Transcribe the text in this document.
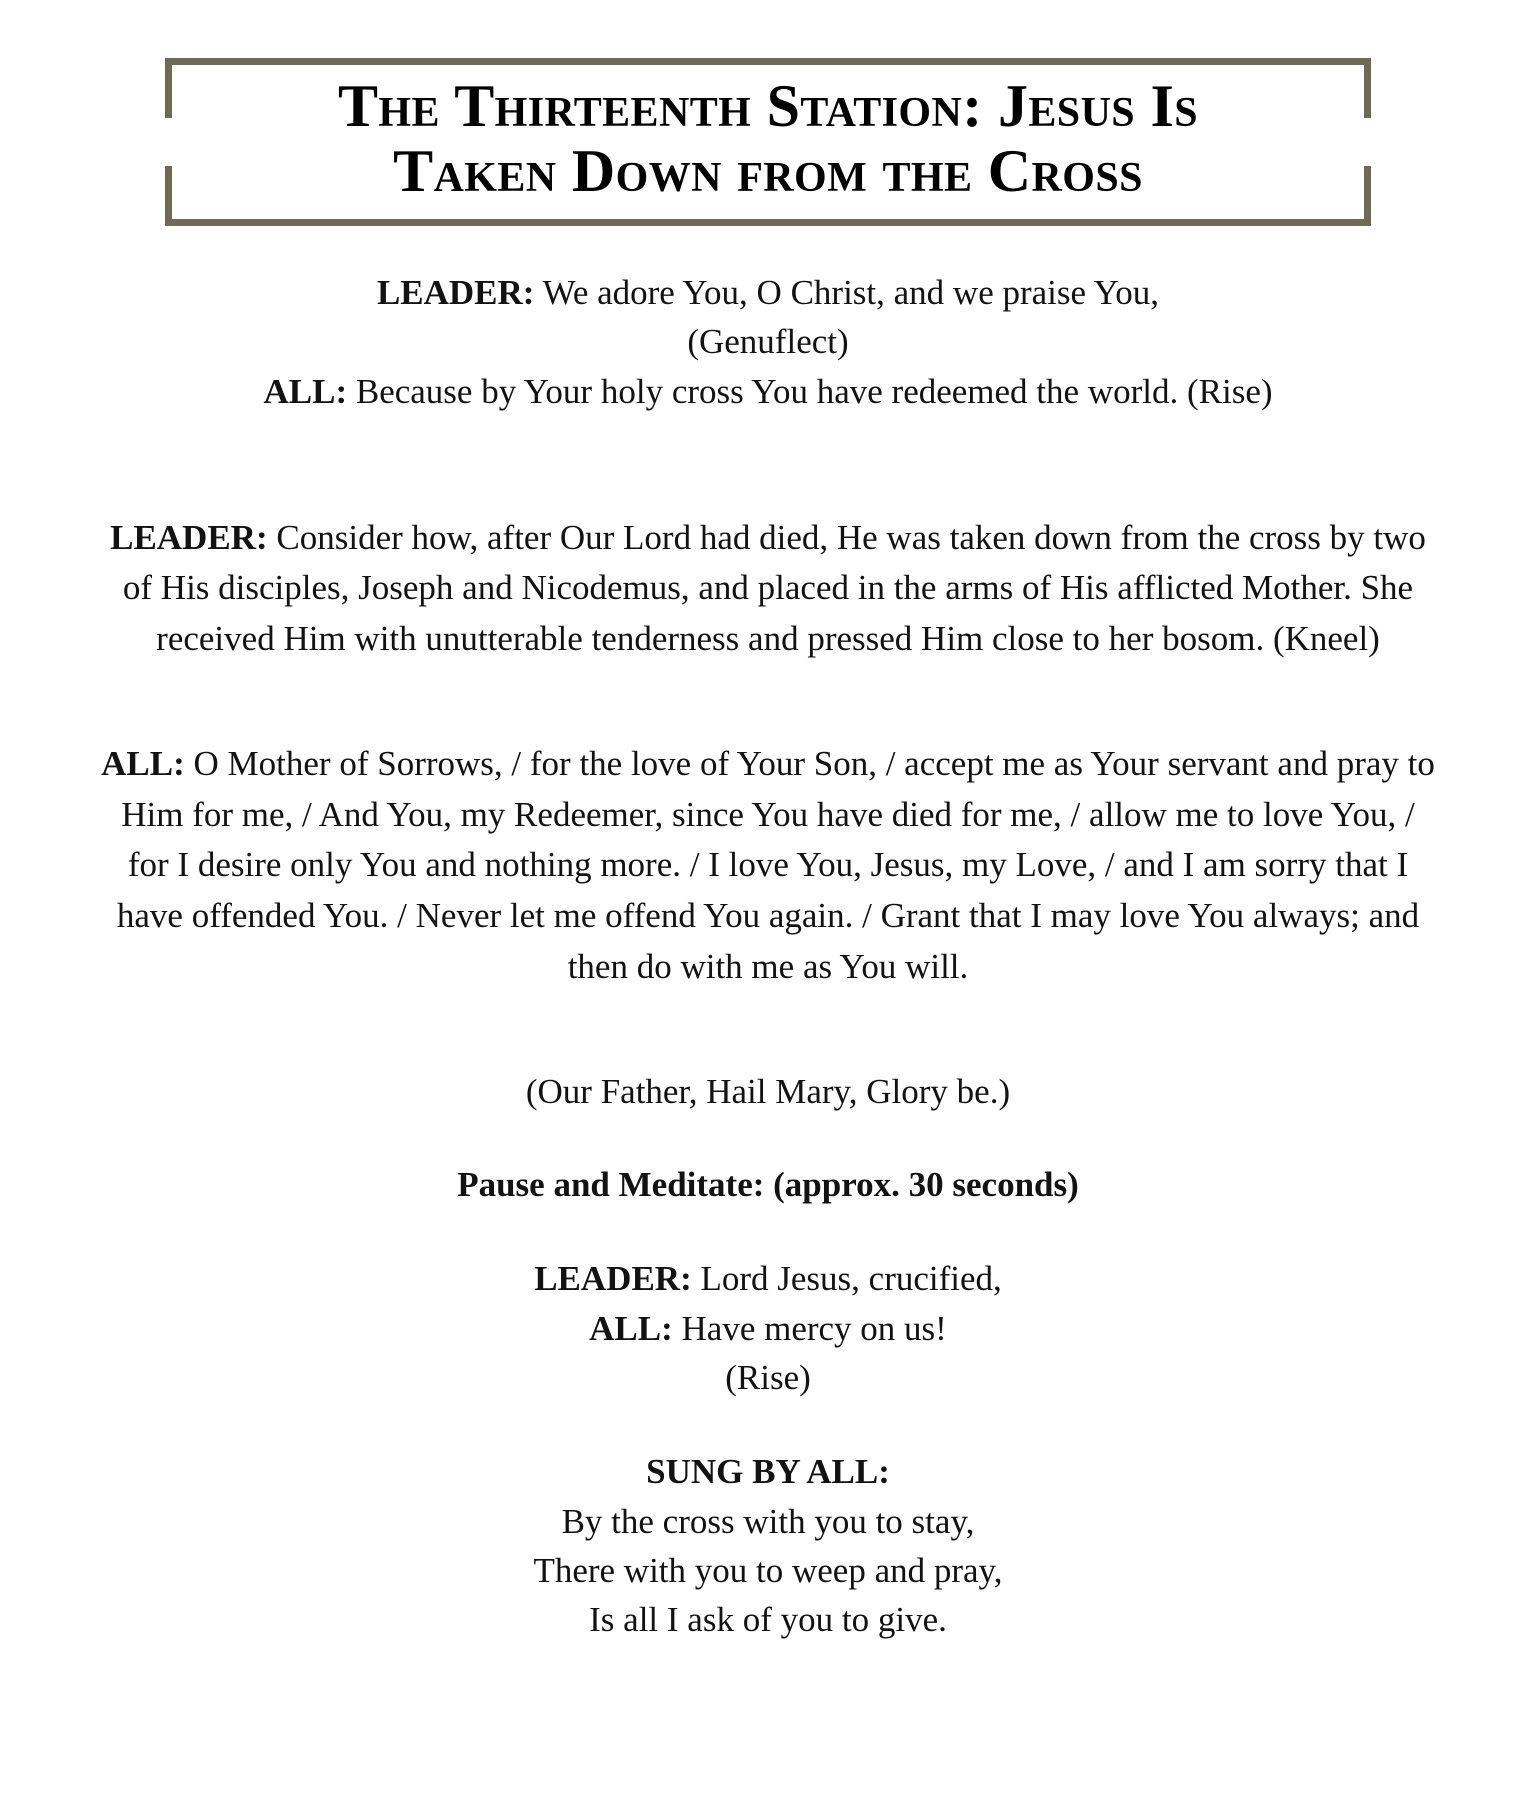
The Thirteenth Station: Jesus Is
Taken Down from the Cross
LEADER: We adore You, O Christ, and we praise You,
(Genuflect)
ALL: Because by Your holy cross You have redeemed the world. (Rise)
LEADER: Consider how, after Our Lord had died, He was taken down from the cross by two of His disciples, Joseph and Nicodemus, and placed in the arms of His afflicted Mother. She received Him with unutterable tenderness and pressed Him close to her bosom. (Kneel)
ALL: O Mother of Sorrows, / for the love of Your Son, / accept me as Your servant and pray to Him for me, / And You, my Redeemer, since You have died for me, / allow me to love You, / for I desire only You and nothing more. / I love You, Jesus, my Love, / and I am sorry that I have offended You. / Never let me offend You again. / Grant that I may love You always; and then do with me as You will.
(Our Father, Hail Mary, Glory be.)
Pause and Meditate: (approx. 30 seconds)
LEADER: Lord Jesus, crucified,
ALL: Have mercy on us!
(Rise)
SUNG BY ALL:
By the cross with you to stay,
There with you to weep and pray,
Is all I ask of you to give.
